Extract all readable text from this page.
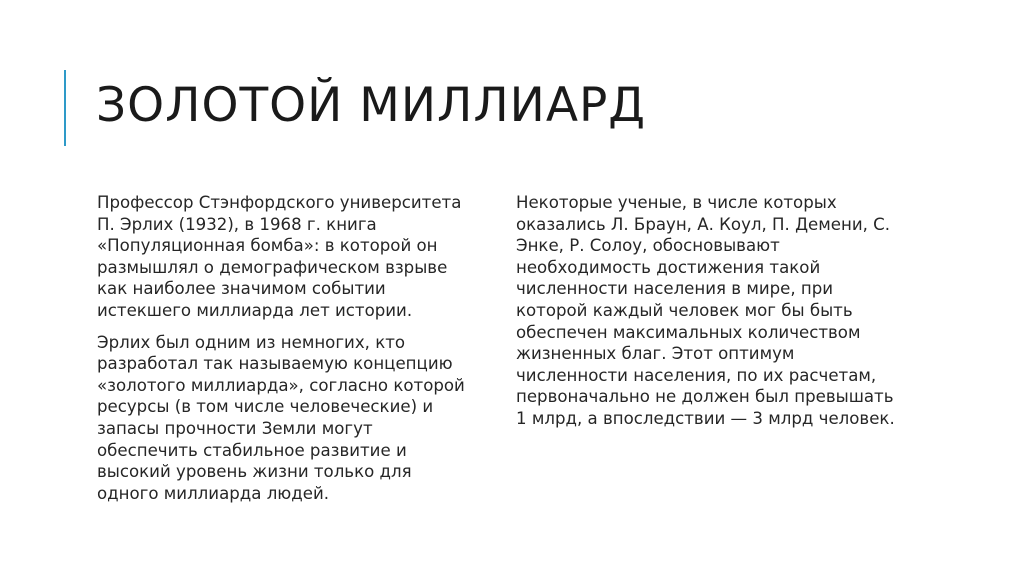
ЗОЛОТОЙ МИЛЛИАРД

Профессор Стэнфордского университета П. Эрлих (1932), в 1968 г. книга «Популяционная бомба»: в которой он размышлял о демографическом взрыве как наиболее значимом событии истекшего миллиарда лет истории.

Эрлих был одним из немногих, кто разработал так называемую концепцию «золотого миллиарда», согласно которой ресурсы (в том числе человеческие) и запасы прочности Земли могут обеспечить стабильное развитие и высокий уровень жизни только для одного миллиарда людей.

Некоторые ученые, в числе которых оказались Л. Браун, А. Коул, П. Демени, С. Энке, Р. Солоу, обосновывают необходимость достижения такой численности населения в мире, при которой каждый человек мог бы быть обеспечен максимальных количеством жизненных благ. Этот оптимум численности населения, по их расчетам, первоначально не должен был превышать 1 млрд, а впоследствии — 3 млрд человек.
